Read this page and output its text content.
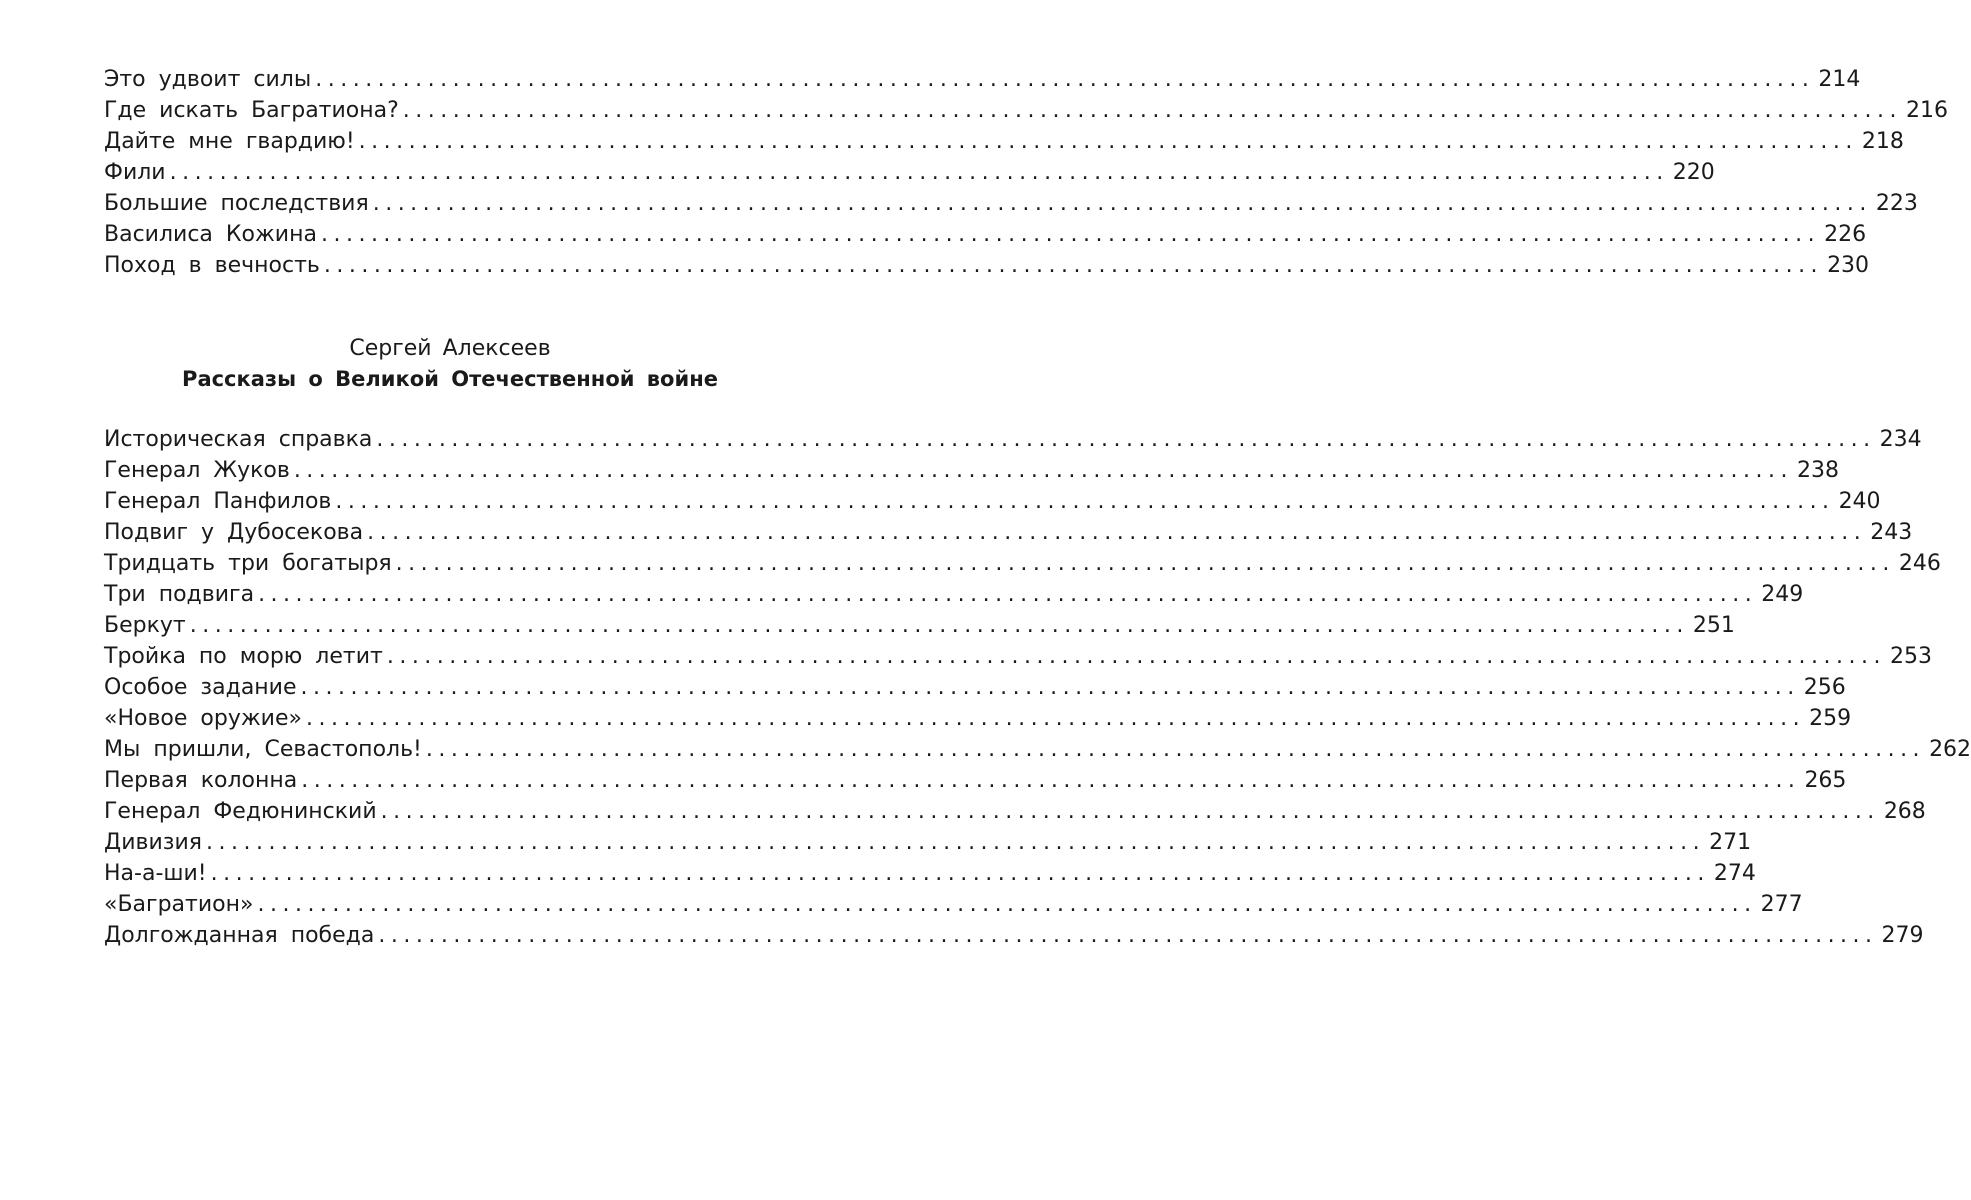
Это удвоит силы ........................................................................................................................ 214
Где искать Багратиона? ........................................................................................................................ 216
Дайте мне гвардию! ........................................................................................................................ 218
Фили ........................................................................................................................ 220
Большие последствия ........................................................................................................................ 223
Василиса Кожина ........................................................................................................................ 226
Поход в вечность ........................................................................................................................ 230
Сергей Алексеев
Рассказы о Великой Отечественной войне
Историческая справка ........................................................................................................................ 234
Генерал Жуков ........................................................................................................................ 238
Генерал Панфилов ........................................................................................................................ 240
Подвиг у Дубосекова ........................................................................................................................ 243
Тридцать три богатыря ........................................................................................................................ 246
Три подвига ........................................................................................................................ 249
Беркут ........................................................................................................................ 251
Тройка по морю летит ........................................................................................................................ 253
Особое задание ........................................................................................................................ 256
«Новое оружие» ........................................................................................................................ 259
Мы пришли, Севастополь! ........................................................................................................................ 262
Первая колонна ........................................................................................................................ 265
Генерал Федюнинский ........................................................................................................................ 268
Дивизия ........................................................................................................................ 271
На-а-ши! ........................................................................................................................ 274
«Багратион» ........................................................................................................................ 277
Долгожданная победа ........................................................................................................................ 279
